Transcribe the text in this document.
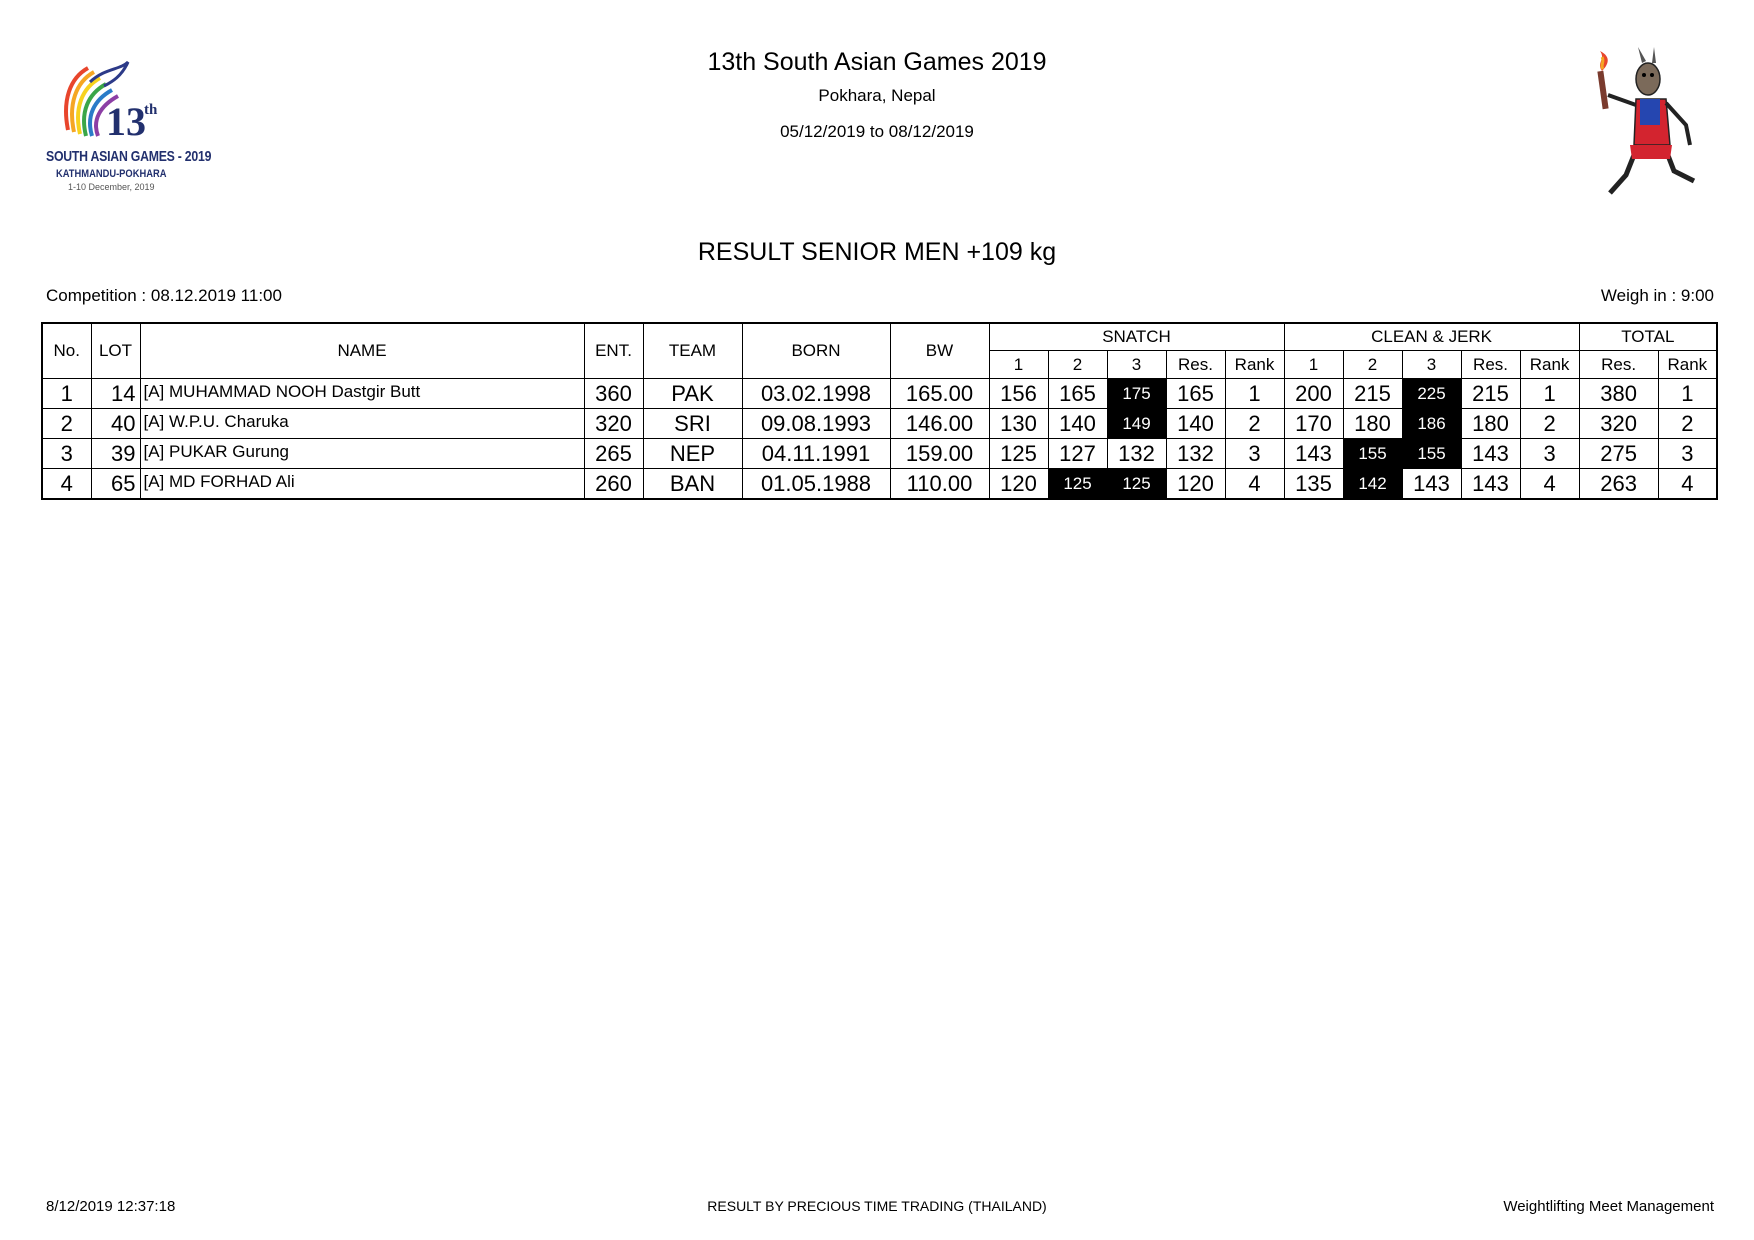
13
th
SOUTH ASIAN GAMES - 2019
KATHMANDU-POKHARA
1-10 December, 2019
13th South Asian Games 2019
Pokhara, Nepal
05/12/2019 to 08/12/2019
RESULT SENIOR MEN +109 kg
Competition : 08.12.2019 11:00	Weigh in : 9:00
No.	LOT	NAME	ENT.	TEAM	BORN	BW	SNATCH					CLEAN & JERK					TOTAL	
							1	2	3	Res.	Rank	1	2	3	Res.	Rank	Res.	Rank
1	14	[A] MUHAMMAD NOOH Dastgir Butt	360	PAK	03.02.1998	165.00	156	165	175	165	1	200	215	225	215	1	380	1
2	40	[A] W.P.U. Charuka	320	SRI	09.08.1993	146.00	130	140	149	140	2	170	180	186	180	2	320	2
3	39	[A] PUKAR Gurung	265	NEP	04.11.1991	159.00	125	127	132	132	3	143	155	155	143	3	275	3
4	65	[A] MD FORHAD Ali	260	BAN	01.05.1988	110.00	120	125	125	120	4	135	142	143	143	4	263	4
8/12/2019 12:37:18	RESULT BY PRECIOUS TIME TRADING (THAILAND)	Weightlifting Meet Management
